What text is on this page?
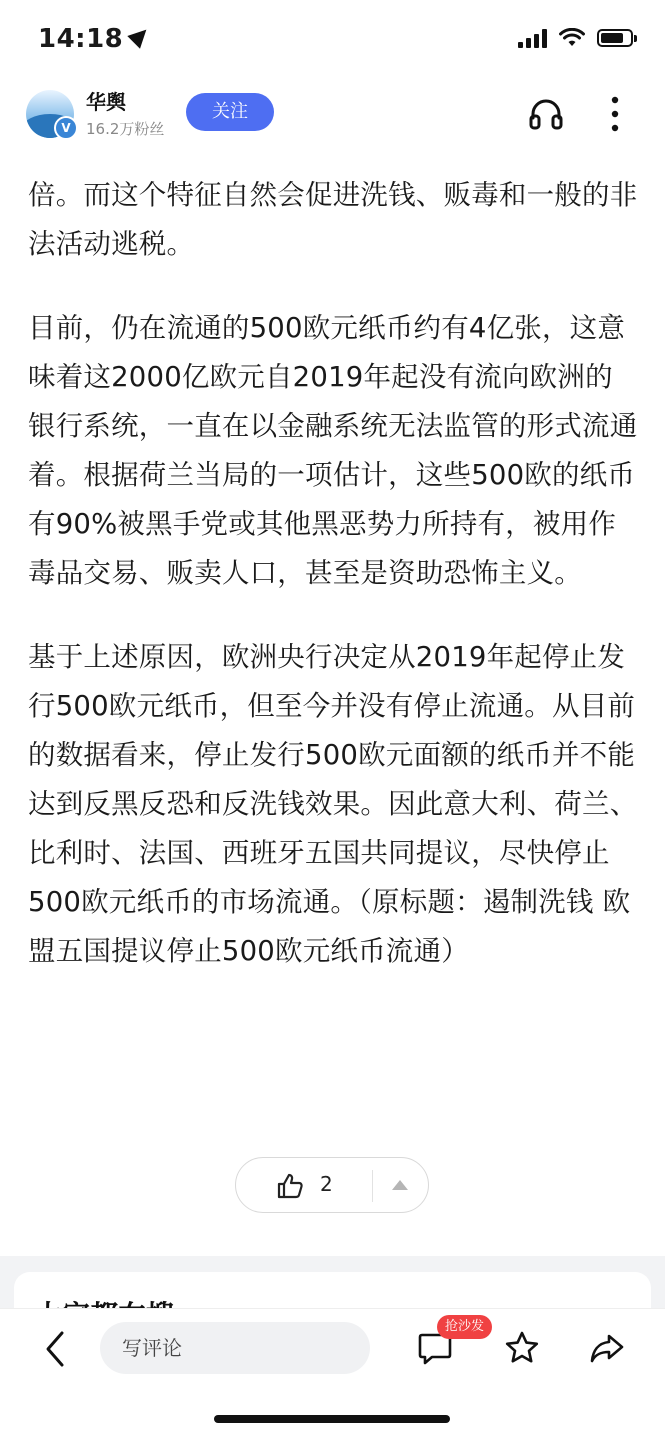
14:18
V
华舆
16.2万粉丝
关注

倍。而这个特征自然会促进洗钱、贩毒和一般的非法活动逃税。

目前，仍在流通的500欧元纸币约有4亿张，这意味着这2000亿欧元自2019年起没有流向欧洲的银行系统，一直在以金融系统无法监管的形式流通着。根据荷兰当局的一项估计，这些500欧的纸币有90%被黑手党或其他黑恶势力所持有，被用作毒品交易、贩卖人口，甚至是资助恐怖主义。

基于上述原因，欧洲央行决定从2019年起停止发行500欧元纸币，但至今并没有停止流通。从目前的数据看来，停止发行500欧元面额的纸币并不能达到反黑反恐和反洗钱效果。因此意大利、荷兰、比利时、法国、西班牙五国共同提议，尽快停止500欧元纸币的市场流通。（原标题：遏制洗钱 欧盟五国提议停止500欧元纸币流通）

2
写评论
抢沙发
